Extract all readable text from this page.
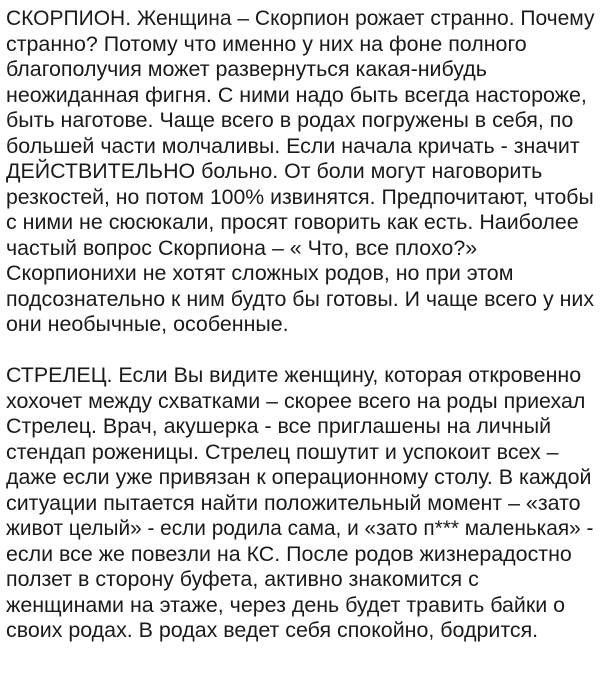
СКОРПИОН. Женщина – Скорпион рожает странно. Почему
странно? Потому что именно у них на фоне полного
благополучия может развернуться какая-нибудь
неожиданная фигня. С ними надо быть всегда настороже,
быть наготове. Чаще всего в родах погружены в себя, по
большей части молчаливы. Если начала кричать - значит
ДЕЙСТВИТЕЛЬНО больно. От боли могут наговорить
резкостей, но потом 100% извинятся. Предпочитают, чтобы
с ними не сюсюкали, просят говорить как есть. Наиболее
частый вопрос Скорпиона – « Что, все плохо?»
Скорпионихи не хотят сложных родов, но при этом
подсознательно к ним будто бы готовы. И чаще всего у них
они необычные, особенные.

СТРЕЛЕЦ. Если Вы видите женщину, которая откровенно
хохочет между схватками – скорее всего на роды приехал
Стрелец. Врач, акушерка - все приглашены на личный
стендап роженицы. Стрелец пошутит и успокоит всех –
даже если уже привязан к операционному столу. В каждой
ситуации пытается найти положительный момент – «зато
живот целый» - если родила сама, и «зато п*** маленькая» -
если все же повезли на КС. После родов жизнерадостно
ползет в сторону буфета, активно знакомится с
женщинами на этаже, через день будет травить байки о
своих родах. В родах ведет себя спокойно, бодрится.
